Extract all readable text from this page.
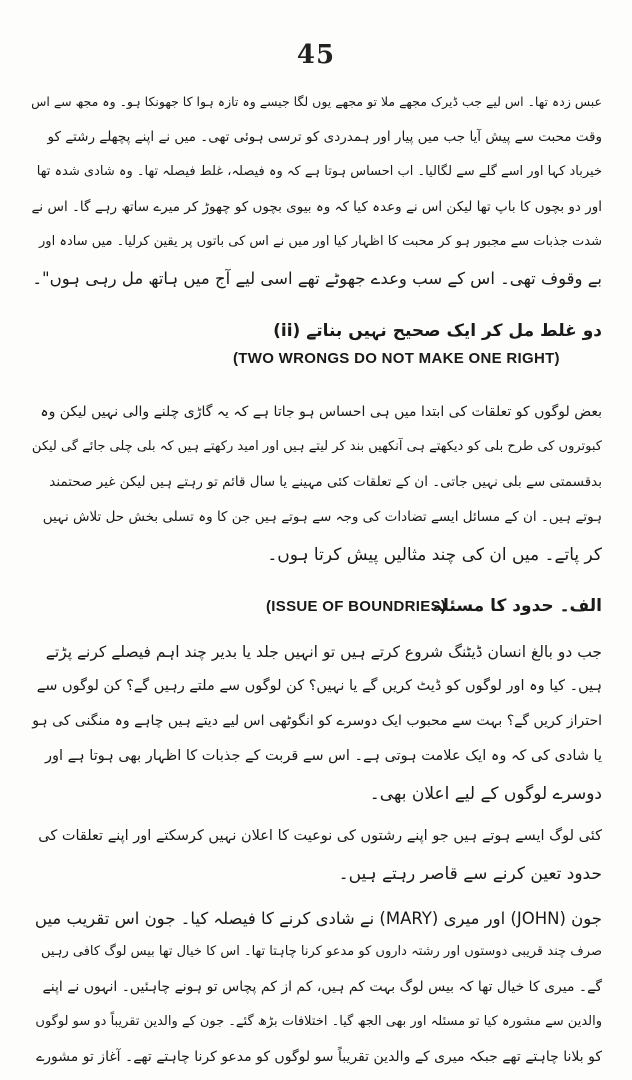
45
عبس زدہ تھا۔ اس لیے جب ڈیرک مجھے ملا تو مجھے یوں لگا جیسے وہ تازہ ہوا کا جھونکا ہو۔ وہ مجھ سے اس
وقت محبت سے پیش آیا جب میں پیار اور ہمدردی کو ترسی ہوئی تھی۔ میں نے اپنے پچھلے رشتے کو
خیرباد کہا اور اسے گلے سے لگالیا۔ اب احساس ہوتا ہے کہ وہ فیصلہ، غلط فیصلہ تھا۔ وہ شادی شدہ تھا
اور دو بچوں کا باپ تھا لیکن اس نے وعدہ کیا کہ وہ بیوی بچوں کو چھوڑ کر میرے ساتھ رہے گا۔ اس نے
شدت جذبات سے مجبور ہو کر محبت کا اظہار کیا اور میں نے اس کی باتوں پر یقین کرلیا۔ میں سادہ اور
بے وقوف تھی۔ اس کے سب وعدے جھوٹے تھے اسی لیے آج میں ہاتھ مل رہی ہوں"۔
(ii) دو غلط مل کر ایک صحیح نہیں بناتے
(TWO WRONGS DO NOT MAKE ONE RIGHT)
بعض لوگوں کو تعلقات کی ابتدا میں ہی احساس ہو جاتا ہے کہ یہ گاڑی چلنے والی نہیں لیکن وہ
کبوتروں کی طرح بلی کو دیکھتے ہی آنکھیں بند کر لیتے ہیں اور امید رکھتے ہیں کہ بلی چلی جائے گی لیکن
بدقسمتی سے بلی نہیں جاتی۔ ان کے تعلقات کئی مہینے یا سال قائم تو رہتے ہیں لیکن غیر صحتمند
ہوتے ہیں۔ ان کے مسائل ایسے تضادات کی وجہ سے ہوتے ہیں جن کا وہ تسلی بخش حل تلاش نہیں
کر پاتے۔ میں ان کی چند مثالیں پیش کرتا ہوں۔
الف۔ حدود کا مسئلہ
(ISSUE OF BOUNDRIES)
جب دو بالغ انسان ڈیٹنگ شروع کرتے ہیں تو انہیں جلد یا بدیر چند اہم فیصلے کرنے پڑتے
ہیں۔ کیا وہ اور لوگوں کو ڈیٹ کریں گے یا نہیں؟ کن لوگوں سے ملتے رہیں گے؟ کن لوگوں سے
احتراز کریں گے؟ بہت سے محبوب ایک دوسرے کو انگوٹھی اس لیے دیتے ہیں چاہے وہ منگنی کی ہو
یا شادی کی کہ وہ ایک علامت ہوتی ہے۔ اس سے قربت کے جذبات کا اظہار بھی ہوتا ہے اور
دوسرے لوگوں کے لیے اعلان بھی۔
کئی لوگ ایسے ہوتے ہیں جو اپنے رشتوں کی نوعیت کا اعلان نہیں کرسکتے اور اپنے تعلقات کی
حدود تعین کرنے سے قاصر رہتے ہیں۔
جون (JOHN) اور میری (MARY) نے شادی کرنے کا فیصلہ کیا۔ جون اس تقریب میں
صرف چند قریبی دوستوں اور رشتہ داروں کو مدعو کرنا چاہتا تھا۔ اس کا خیال تھا بیس لوگ کافی رہیں
گے۔ میری کا خیال تھا کہ بیس لوگ بہت کم ہیں، کم از کم پچاس تو ہونے چاہئیں۔ انہوں نے اپنے
والدین سے مشورہ کیا تو مسئلہ اور بھی الجھ گیا۔ اختلافات بڑھ گئے۔ جون کے والدین تقریباً دو سو لوگوں
کو بلانا چاہتے تھے جبکہ میری کے والدین تقریباً سو لوگوں کو مدعو کرنا چاہتے تھے۔ آغاز تو مشورے
